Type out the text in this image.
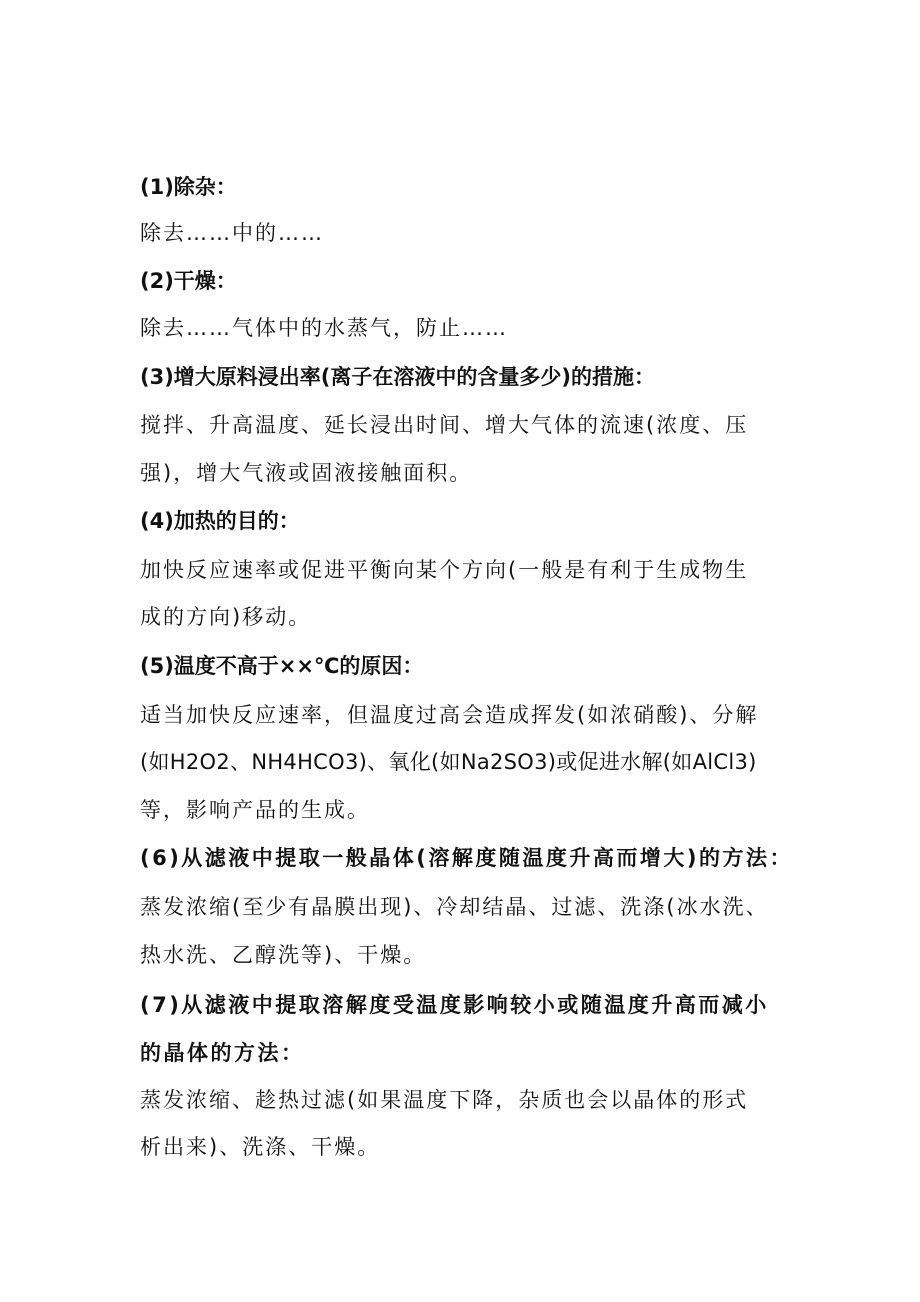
(1)除杂：
除去……中的……
(2)干燥：
除去……气体中的水蒸气，防止……
(3)增大原料浸出率(离子在溶液中的含量多少)的措施：
搅拌、升高温度、延长浸出时间、增大气体的流速(浓度、压
强)，增大气液或固液接触面积。
(4)加热的目的：
加快反应速率或促进平衡向某个方向(一般是有利于生成物生
成的方向)移动。
(5)温度不高于××℃的原因：
适当加快反应速率，但温度过高会造成挥发(如浓硝酸)、分解
(如H2O2、NH4HCO3)、氧化(如Na2SO3)或促进水解(如AlCl3)
等，影响产品的生成。
(6)从滤液中提取一般晶体(溶解度随温度升高而增大)的方法：
蒸发浓缩(至少有晶膜出现)、冷却结晶、过滤、洗涤(冰水洗、
热水洗、乙醇洗等)、干燥。
(7)从滤液中提取溶解度受温度影响较小或随温度升高而减小
的晶体的方法：
蒸发浓缩、趁热过滤(如果温度下降，杂质也会以晶体的形式
析出来)、洗涤、干燥。
